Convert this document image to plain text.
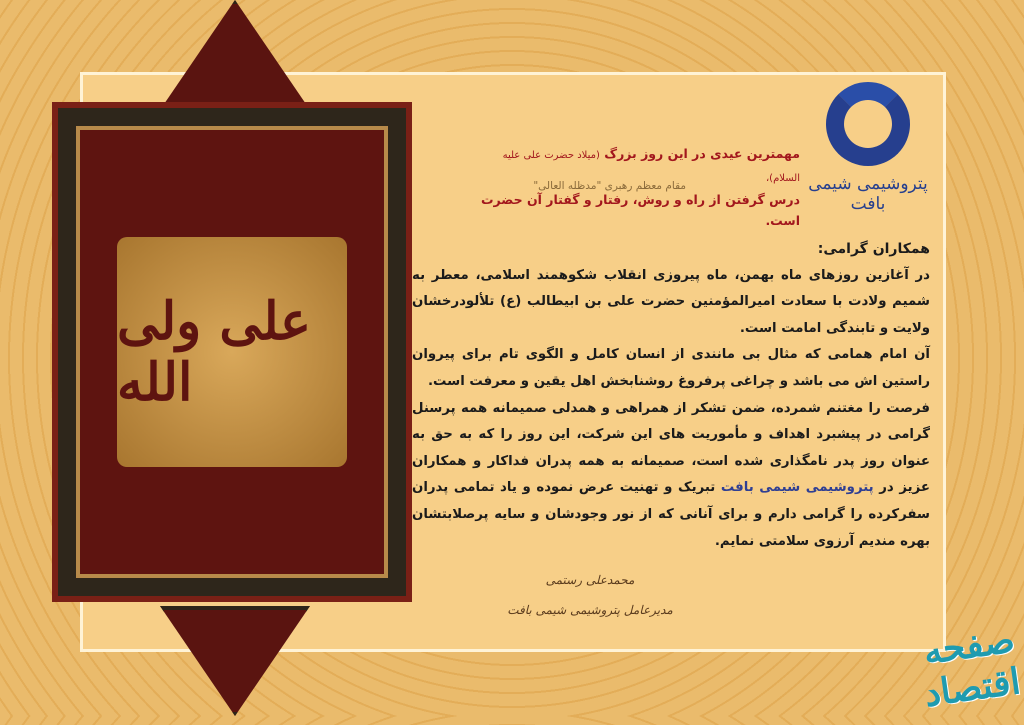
علی ولی الله
پتروشیمی شیمی بافت
مهمترین عیدی در این روز بزرگ (میلاد حضرت علی علیه السلام)،
درس گرفتن از راه و روش، رفتار و گفتار آن حضرت است.
مقام معظم رهبری "مدظله العالی"

همکاران گرامی:

در آغازین روزهای ماه بهمن، ماه پیروزی انقلاب شکوهمند اسلامی، معطر به شمیم ولادت با سعادت امیرالمؤمنین حضرت علی بن ابیطالب (ع) تلألودرخشان ولایت و تابندگی امامت است.

آن امام همامی که مثال بی مانندی از انسان کامل و الگوی تام برای پیروان راستین اش می باشد و چراغی پرفروغ روشنابخش اهل یقین و معرفت است.

فرصت را مغتنم شمرده، ضمن تشکر از همراهی و همدلی صمیمانه همه پرسنل گرامی در پیشبرد اهداف و مأموریت های این شرکت، این روز را که به حق به عنوان روز پدر نامگذاری شده است، صمیمانه به همه پدران فداکار و همکاران عزیز در پتروشیمی شیمی بافت تبریک و تهنیت عرض نموده و یاد تمامی پدران سفرکرده را گرامی دارم و برای آنانی که از نور وجودشان و سایه پرصلابتشان بهره مندیم آرزوی سلامتی نمایم.

محمدعلی رستمی
مدیرعامل پتروشیمی شیمی بافت
صفحه اقتصاد
